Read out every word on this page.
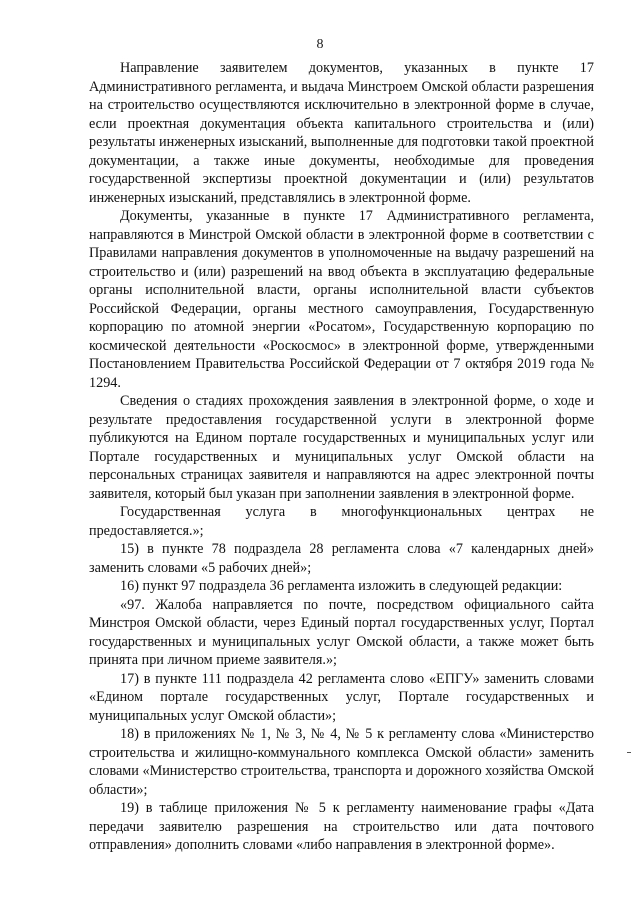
8

Направление заявителем документов, указанных в пункте 17 Административного регламента, и выдача Минстроем Омской области разрешения на строительство осуществляются исключительно в электронной форме в случае, если проектная документация объекта капитального строительства и (или) результаты инженерных изысканий, выполненные для подготовки такой проектной документации, а также иные документы, необходимые для проведения государственной экспертизы проектной документации и (или) результатов инженерных изысканий, представлялись в электронной форме.

Документы, указанные в пункте 17 Административного регламента, направляются в Минстрой Омской области в электронной форме в соответствии с Правилами направления документов в уполномоченные на выдачу разрешений на строительство и (или) разрешений на ввод объекта в эксплуатацию федеральные органы исполнительной власти, органы исполнительной власти субъектов Российской Федерации, органы местного самоуправления, Государственную корпорацию по атомной энергии «Росатом», Государственную корпорацию по космической деятельности «Роскосмос» в электронной форме, утвержденными Постановлением Правительства Российской Федерации от 7 октября 2019 года № 1294.

Сведения о стадиях прохождения заявления в электронной форме, о ходе и результате предоставления государственной услуги в электронной форме публикуются на Едином портале государственных и муниципальных услуг или Портале государственных и муниципальных услуг Омской области на персональных страницах заявителя и направляются на адрес электронной почты заявителя, который был указан при заполнении заявления в электронной форме.

Государственная услуга в многофункциональных центрах не предоставляется.»;

15) в пункте 78 подраздела 28 регламента слова «7 календарных дней» заменить словами «5 рабочих дней»;

16) пункт 97 подраздела 36 регламента изложить в следующей редакции:

«97. Жалоба направляется по почте, посредством официального сайта Минстроя Омской области, через Единый портал государственных услуг, Портал государственных и муниципальных услуг Омской области, а также может быть принята при личном приеме заявителя.»;

17) в пункте 111 подраздела 42 регламента слово «ЕПГУ» заменить словами «Едином портале государственных услуг, Портале государственных и муниципальных услуг Омской области»;

18) в приложениях № 1, № 3, № 4, № 5 к регламенту слова «Министерство строительства и жилищно-коммунального комплекса Омской области» заменить словами «Министерство строительства, транспорта и дорожного хозяйства Омской области»;

19) в таблице приложения № 5 к регламенту наименование графы «Дата передачи заявителю разрешения на строительство или дата почтового отправления» дополнить словами «либо направления в электронной форме».
